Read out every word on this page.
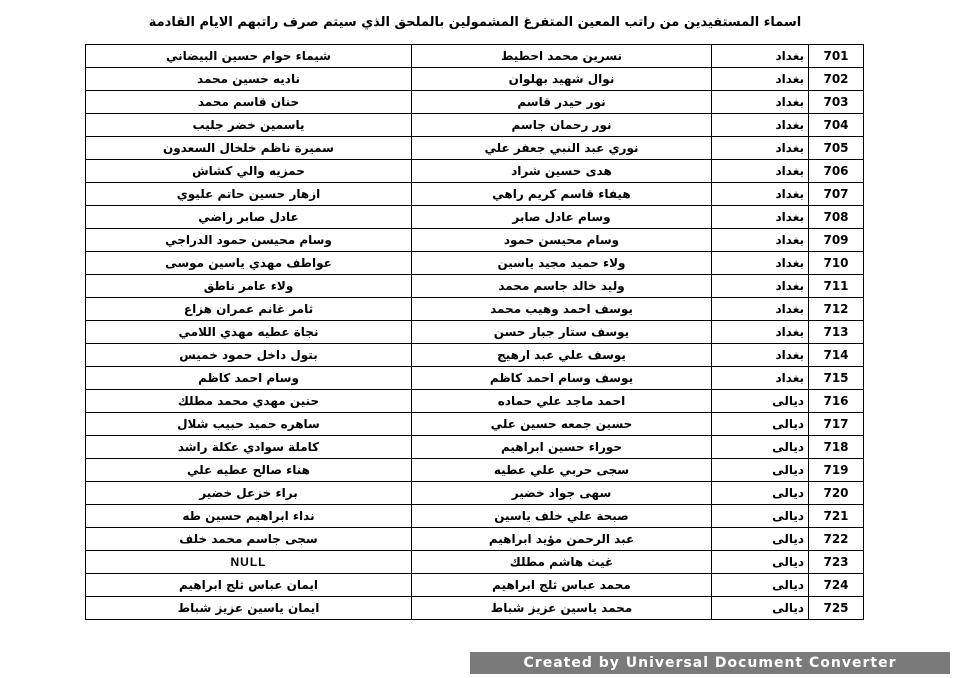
اسماء المستفيدين من راتب المعين المتفرغ المشمولين بالملحق الذي سيتم صرف راتبهم الايام القادمة
701	بغداد	نسرين محمد احطيط	شيماء حوام حسين البيضاني
702	بغداد	نوال شهيد بهلوان	ناديه حسين محمد
703	بغداد	نور حيدر قاسم	حنان قاسم محمد
704	بغداد	نور رحمان جاسم	ياسمين خضر جليب
705	بغداد	نوري عبد النبي جعفر علي	سميرة ناظم خلخال السعدون
706	بغداد	هدى حسين شراد	حمزيه والي كشاش
707	بغداد	هيفاء قاسم كريم راهي	ازهار حسين حاتم عليوي
708	بغداد	وسام عادل صابر	عادل صابر راضي
709	بغداد	وسام محيسن حمود	وسام محيسن حمود الدراجي
710	بغداد	ولاء حميد مجيد ياسين	عواطف مهدي ياسين موسى
711	بغداد	وليد خالد جاسم محمد	ولاء عامر ناطق
712	بغداد	يوسف احمد وهيب محمد	ثامر غانم عمران هزاع
713	بغداد	يوسف ستار جبار حسن	نجاة عطيه مهدي اللامي
714	بغداد	يوسف علي عبد ارهيج	بتول داخل حمود خميس
715	بغداد	يوسف وسام احمد كاظم	وسام احمد كاظم
716	ديالى	احمد ماجد علي حماده	حنين مهدي محمد مطلك
717	ديالى	حسين جمعه حسين علي	ساهره حميد حبيب شلال
718	ديالى	حوراء حسين ابراهيم	كاملة سوادي عكلة راشد
719	ديالى	سجى حربي علي عطيه	هناء صالح عطيه علي
720	ديالى	سهى جواد خضير	براء خزعل خضير
721	ديالى	صبحة علي خلف ياسين	نداء ابراهيم حسين طه
722	ديالى	عبد الرحمن مؤيد ابراهيم	سجى جاسم محمد خلف
723	ديالى	غيث هاشم مطلك	NULL
724	ديالى	محمد عباس ثلج ابراهيم	ايمان عباس ثلج ابراهيم
725	ديالى	محمد ياسين عزيز شباط	ايمان ياسين عزيز شباط
Created by Universal Document Converter
